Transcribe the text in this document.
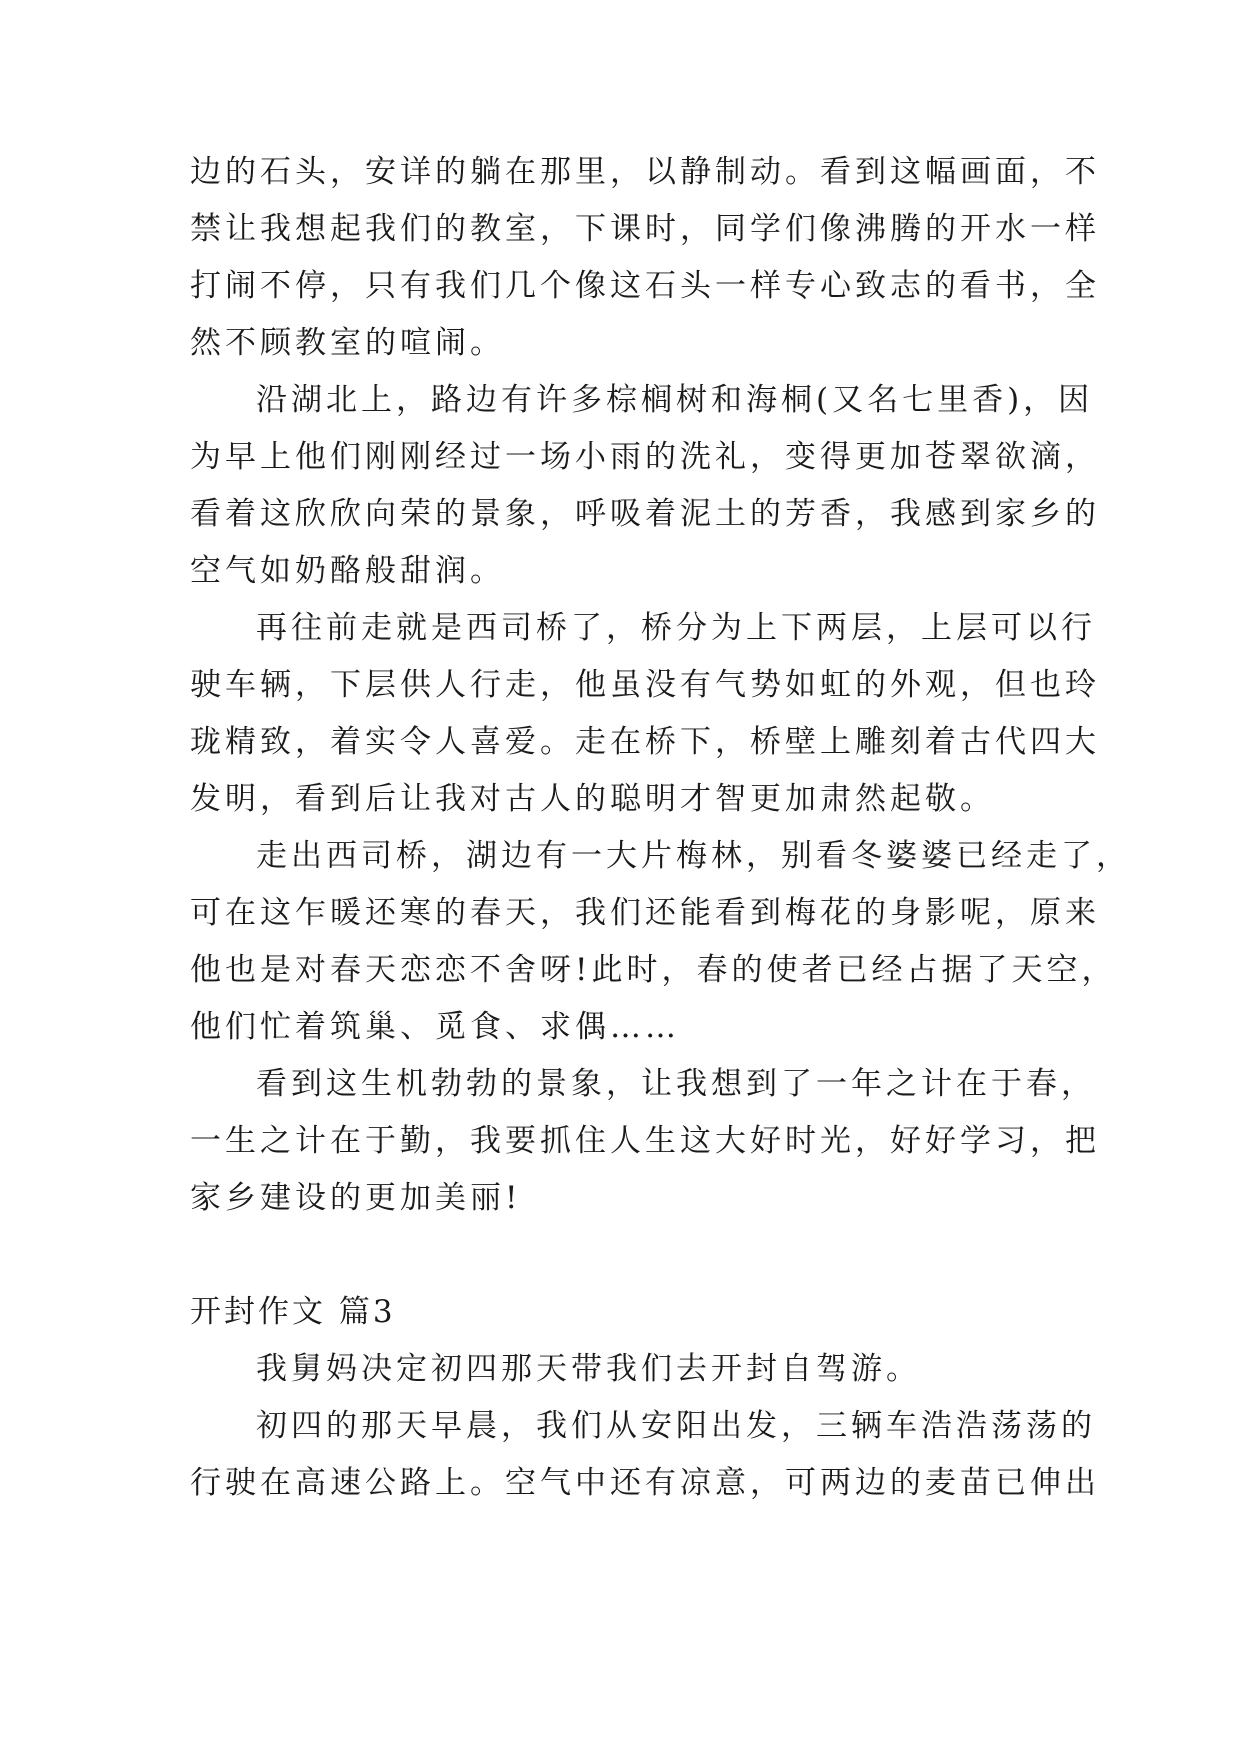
边的石头，安详的躺在那里，以静制动。看到这幅画面，不
禁让我想起我们的教室，下课时，同学们像沸腾的开水一样
打闹不停，只有我们几个像这石头一样专心致志的看书，全
然不顾教室的喧闹。
沿湖北上，路边有许多棕榈树和海桐(又名七里香)，因
为早上他们刚刚经过一场小雨的洗礼，变得更加苍翠欲滴，
看着这欣欣向荣的景象，呼吸着泥土的芳香，我感到家乡的
空气如奶酪般甜润。
再往前走就是西司桥了，桥分为上下两层，上层可以行
驶车辆，下层供人行走，他虽没有气势如虹的外观，但也玲
珑精致，着实令人喜爱。走在桥下，桥壁上雕刻着古代四大
发明，看到后让我对古人的聪明才智更加肃然起敬。
走出西司桥，湖边有一大片梅林，别看冬婆婆已经走了，
可在这乍暖还寒的春天，我们还能看到梅花的身影呢，原来
他也是对春天恋恋不舍呀!此时，春的使者已经占据了天空，
他们忙着筑巢、觅食、求偶……
看到这生机勃勃的景象，让我想到了一年之计在于春，
一生之计在于勤，我要抓住人生这大好时光，好好学习，把
家乡建设的更加美丽!
开封作文 篇3
我舅妈决定初四那天带我们去开封自驾游。
初四的那天早晨，我们从安阳出发，三辆车浩浩荡荡的
行驶在高速公路上。空气中还有凉意，可两边的麦苗已伸出
